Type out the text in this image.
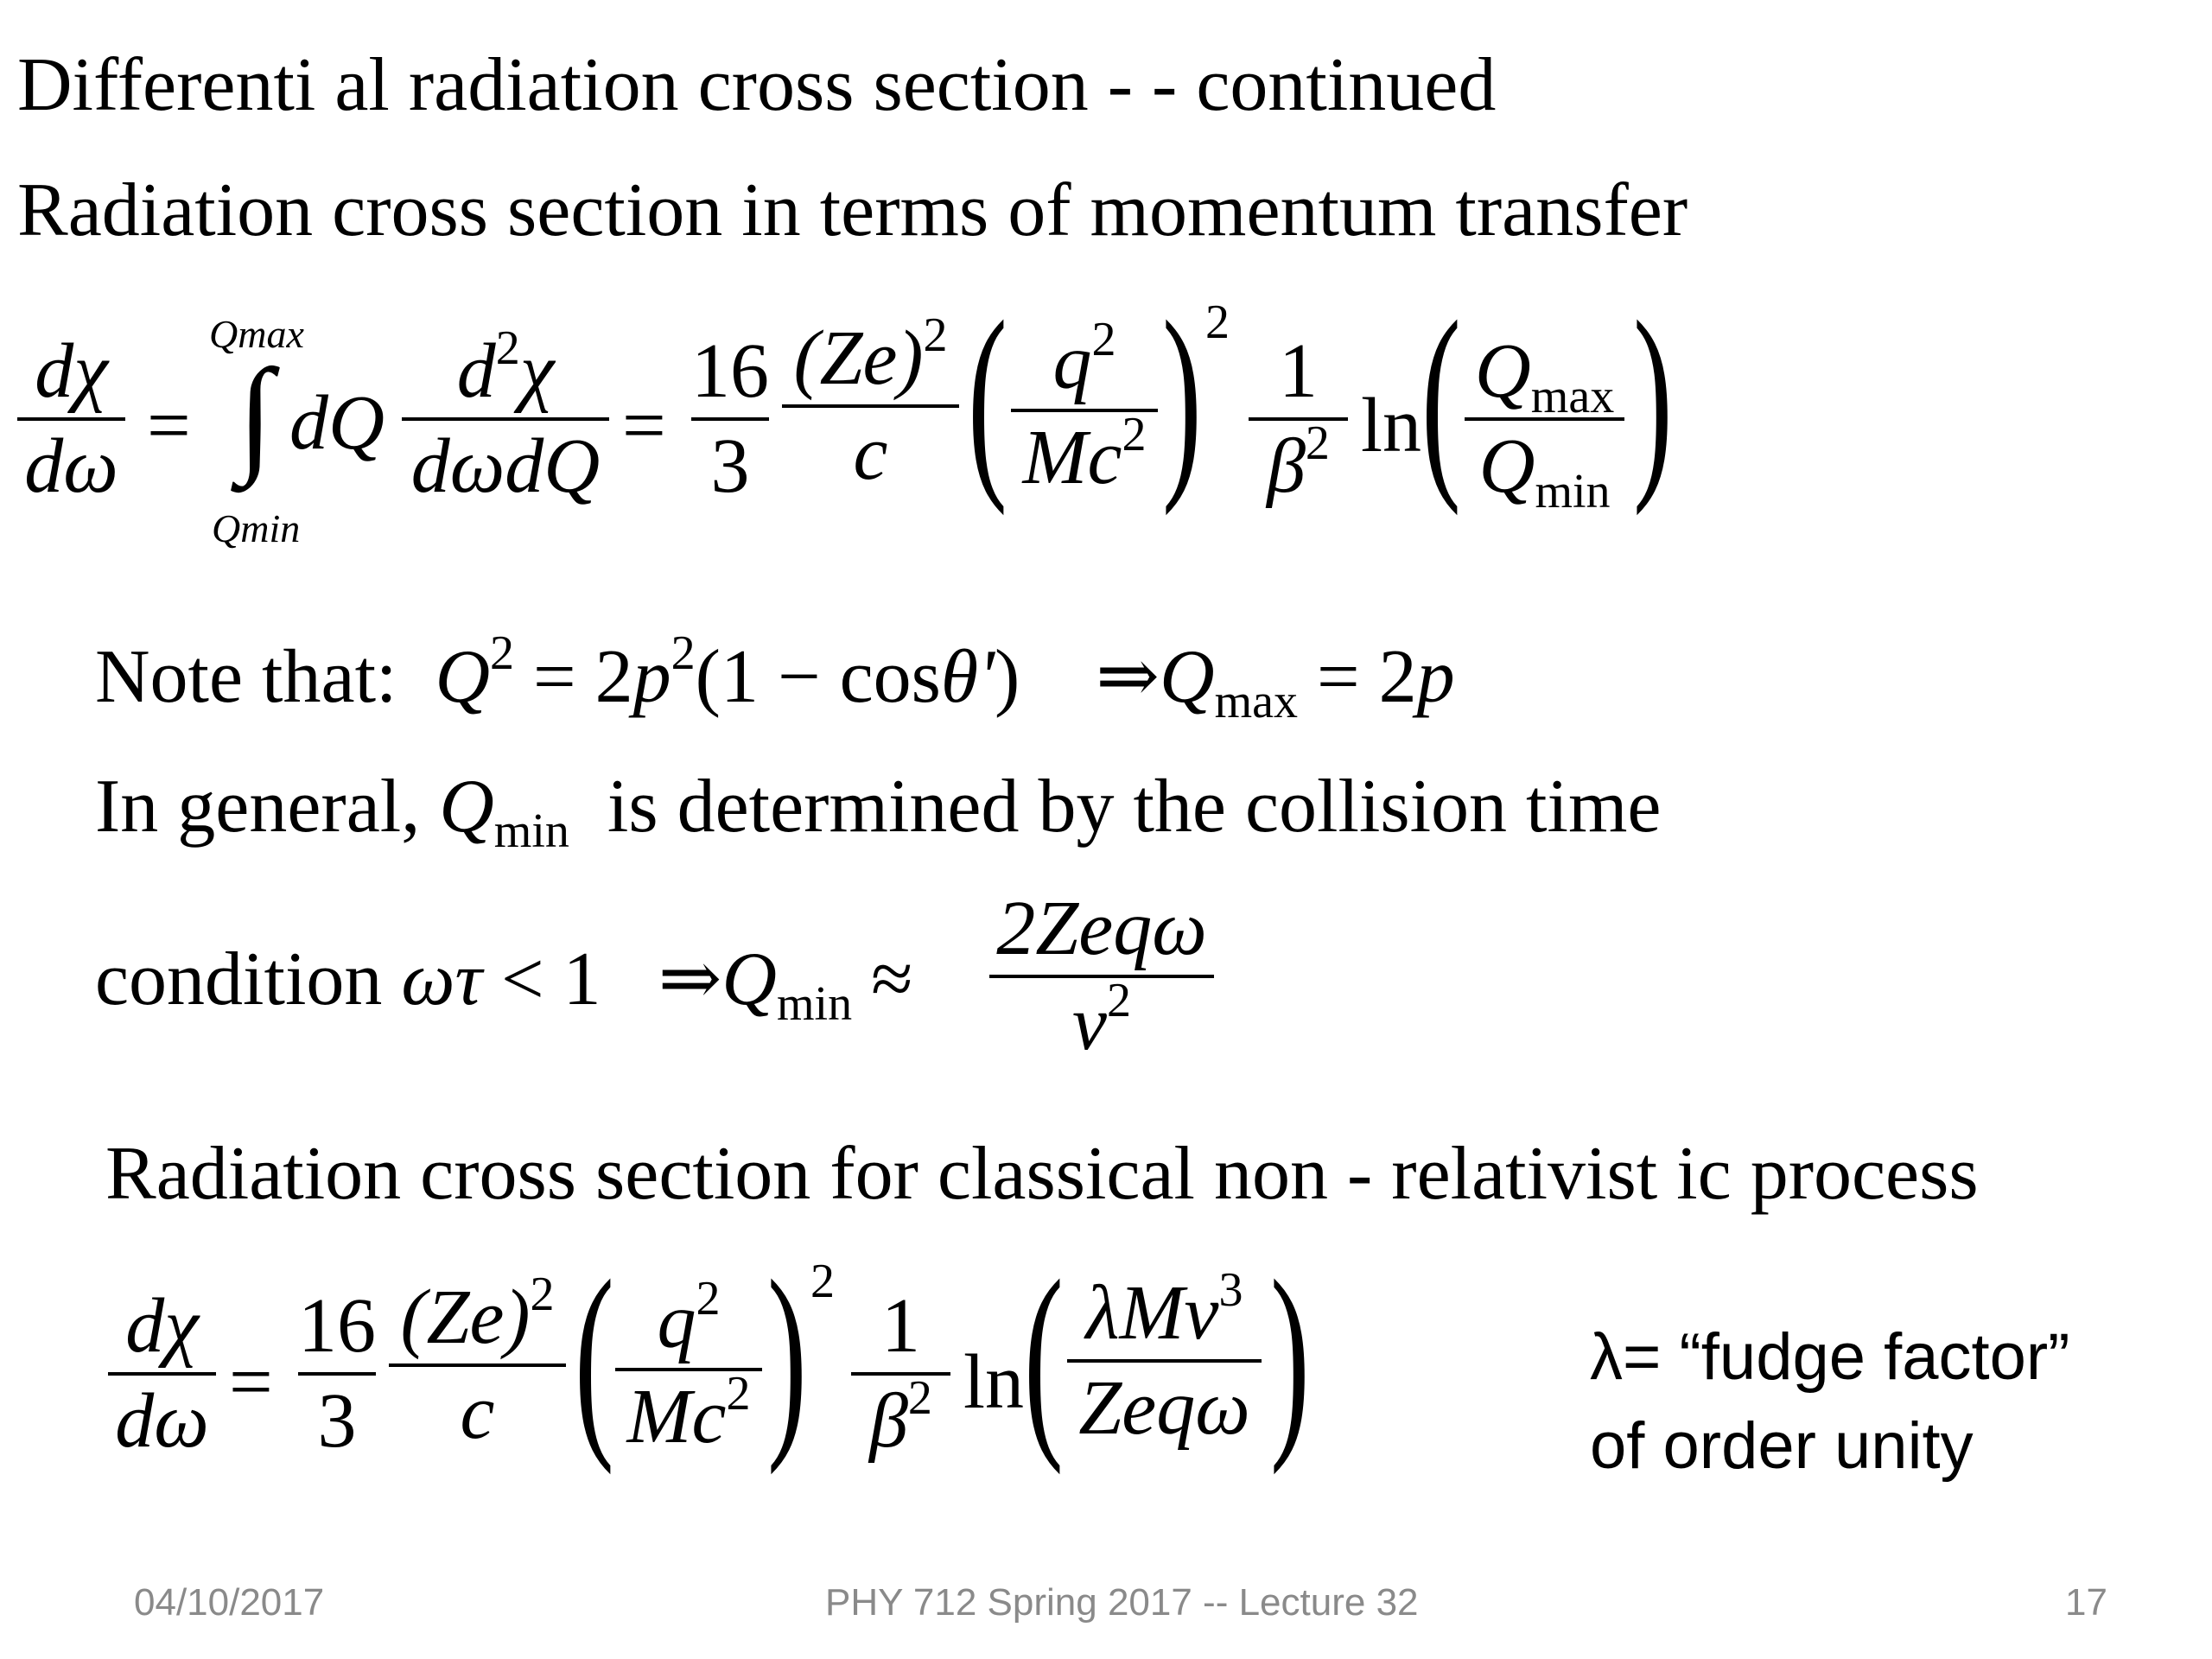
Differenti al radiation cross section - - continued
Radiation cross section in terms of momentum transfer
dχ
dω =
Qmax
∫
Qmin
dQ
$d^2\chi$
dωdQ =
16
3
$(Ze)^2$
c ( $q^2$
Mc$^2$ ) 2
1
$\beta^2$ ln ( $Q_{max}$
$Q_{min}$ )
Note that: $Q^2 = 2p^2(1 - \cos\theta')$ $\Rightarrow Q_{max} = 2p$
In general, $Q_{min}$ is determined by the collision time
condition ωτ < 1 $\Rightarrow Q_{min}$ ≈
2Zeqω
$v^2$
Radiation cross section for classical non - relativist ic process
dχ
dω =
16
3
$(Ze)^2$
c ( $q^2$
Mc$^2$ ) 2
1
$\beta^2$ ln ( λMv$^3$
Zeqω )	λ= “fudge factor”
of order unity
04/10/2017	PHY 712 Spring 2017 -- Lecture 32	17
